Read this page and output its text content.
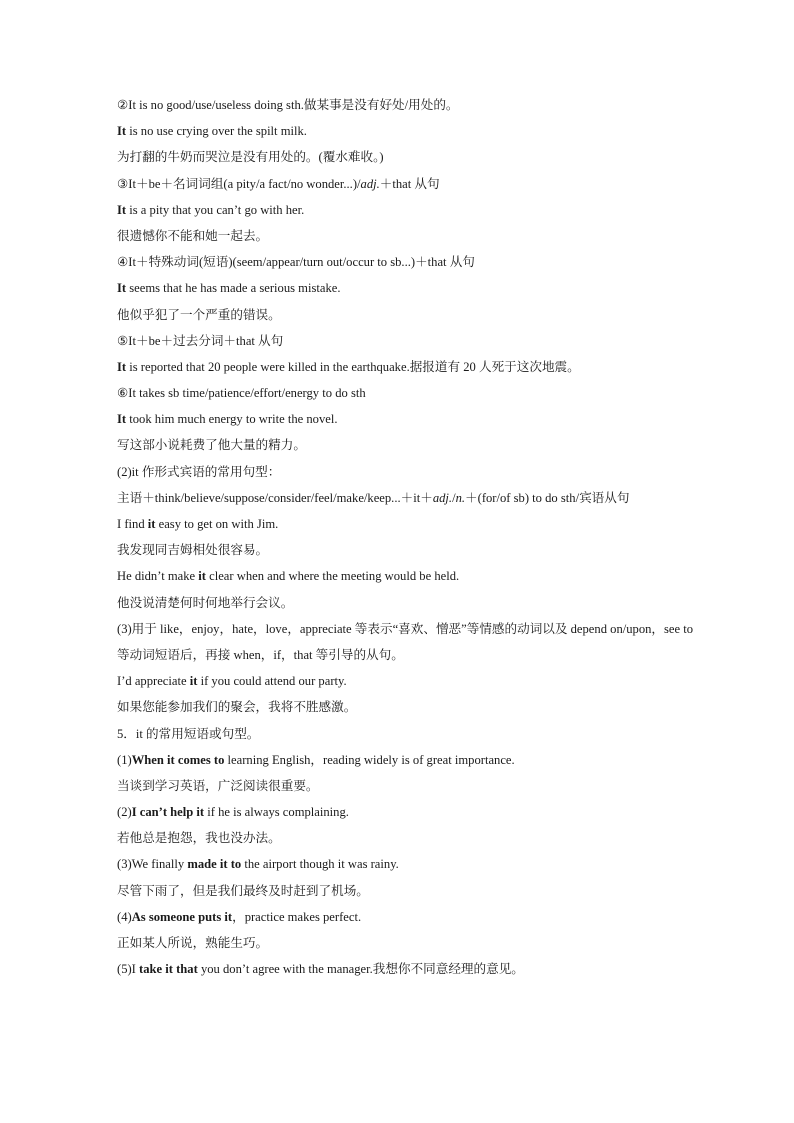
②It is no good/use/useless doing sth.做某事是没有好处/用处的。
It is no use crying over the spilt milk.
为打翻的牛奶而哭泣是没有用处的。(覆水难收。)
③It＋be＋名词词组(a pity/a fact/no wonder...)/adj.＋that 从句
It is a pity that you can’t go with her.
很遗憾你不能和她一起去。
④It＋特殊动词(短语)(seem/appear/turn out/occur to sb...)＋that 从句
It seems that he has made a serious mistake.
他似乎犯了一个严重的错误。
⑤It＋be＋过去分词＋that 从句
It is reported that 20 people were killed in the earthquake.据报道有 20 人死于这次地震。
⑥It takes sb time/patience/effort/energy to do sth
It took him much energy to write the novel.
写这部小说耗费了他大量的精力。
(2)it 作形式宾语的常用句型：
主语＋think/believe/suppose/consider/feel/make/keep...＋it＋adj./n.＋(for/of sb) to do sth/宾语从句
I find it easy to get on with Jim.
我发现同吉姆相处很容易。
He didn’t make it clear when and where the meeting would be held.
他没说清楚何时何地举行会议。
(3)用于 like，enjoy，hate，love，appreciate 等表示“喜欢、憎恶”等情感的动词以及 depend on/upon，see to 等动词短语后，再接 when，if，that 等引导的从句。
I’d appreciate it if you could attend our party.
如果您能参加我们的聚会，我将不胜感激。
5．it 的常用短语或句型。
(1)When it comes to learning English，reading widely is of great importance.
当谈到学习英语，广泛阅读很重要。
(2)I can’t help it if he is always complaining.
若他总是抱怨，我也没办法。
(3)We finally made it to the airport though it was rainy.
尽管下雨了，但是我们最终及时赶到了机场。
(4)As someone puts it，practice makes perfect.
正如某人所说，熟能生巧。
(5)I take it that you don’t agree with the manager.我想你不同意经理的意见。
